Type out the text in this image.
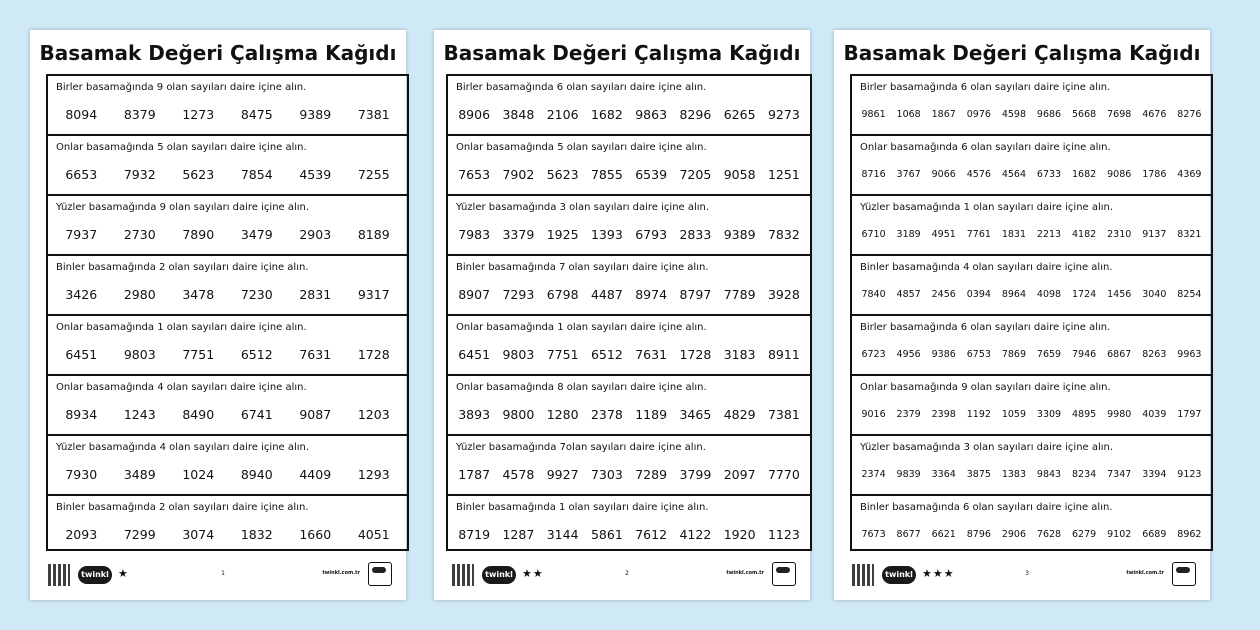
Basamak Değeri Çalışma Kağıdı
Birler basamağında 9 olan sayıları daire içine alın.
8094 8379 1273 8475 9389 7381
Onlar basamağında 5 olan sayıları daire içine alın.
6653 7932 5623 7854 4539 7255
Yüzler basamağında 9 olan sayıları daire içine alın.
7937 2730 7890 3479 2903 8189
Binler basamağında 2 olan sayıları daire içine alın.
3426 2980 3478 7230 2831 9317
Onlar basamağında 1 olan sayıları daire içine alın.
6451 9803 7751 6512 7631 1728
Onlar basamağında 4 olan sayıları daire içine alın.
8934 1243 8490 6741 9087 1203
Yüzler basamağında 4 olan sayıları daire içine alın.
7930 3489 1024 8940 4409 1293
Binler basamağında 2 olan sayıları daire içine alın.
2093 7299 3074 1832 1660 4051
twinkl ★	1	twinkl.com.tr
Basamak Değeri Çalışma Kağıdı
Birler basamağında 6 olan sayıları daire içine alın.
8906 3848 2106 1682 9863 8296 6265 9273
Onlar basamağında 5 olan sayıları daire içine alın.
7653 7902 5623 7855 6539 7205 9058 1251
Yüzler basamağında 3 olan sayıları daire içine alın.
7983 3379 1925 1393 6793 2833 9389 7832
Binler basamağında 7 olan sayıları daire içine alın.
8907 7293 6798 4487 8974 8797 7789 3928
Onlar basamağında 1 olan sayıları daire içine alın.
6451 9803 7751 6512 7631 1728 3183 8911
Onlar basamağında 8 olan sayıları daire içine alın.
3893 9800 1280 2378 1189 3465 4829 7381
Yüzler basamağında 7olan sayıları daire içine alın.
1787 4578 9927 7303 7289 3799 2097 7770
Binler basamağında 1 olan sayıları daire içine alın.
8719 1287 3144 5861 7612 4122 1920 1123
twinkl ★★	2	twinkl.com.tr
Basamak Değeri Çalışma Kağıdı
Birler basamağında 6 olan sayıları daire içine alın.
9861 1068 1867 0976 4598 9686 5668 7698 4676 8276
Onlar basamağında 6 olan sayıları daire içine alın.
8716 3767 9066 4576 4564 6733 1682 9086 1786 4369
Yüzler basamağında 1 olan sayıları daire içine alın.
6710 3189 4951 7761 1831 2213 4182 2310 9137 8321
Binler basamağında 4 olan sayıları daire içine alın.
7840 4857 2456 0394 8964 4098 1724 1456 3040 8254
Birler basamağında 6 olan sayıları daire içine alın.
6723 4956 9386 6753 7869 7659 7946 6867 8263 9963
Onlar basamağında 9 olan sayıları daire içine alın.
9016 2379 2398 1192 1059 3309 4895 9980 4039 1797
Yüzler basamağında 3 olan sayıları daire içine alın.
2374 9839 3364 3875 1383 9843 8234 7347 3394 9123
Binler basamağında 6 olan sayıları daire içine alın.
7673 8677 6621 8796 2906 7628 6279 9102 6689 8962
twinkl ★★★	3	twinkl.com.tr
